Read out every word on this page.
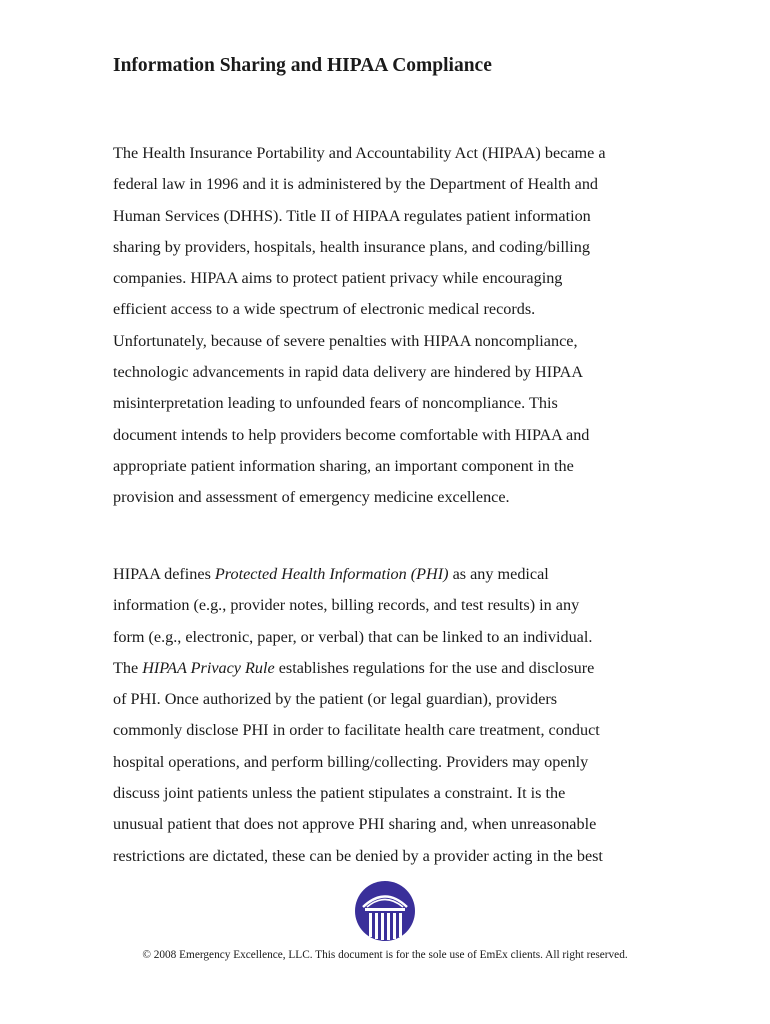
Information Sharing and HIPAA Compliance
The Health Insurance Portability and Accountability Act (HIPAA) became a
federal law in 1996 and it is administered by the Department of Health and
Human Services (DHHS). Title II of HIPAA regulates patient information
sharing by providers, hospitals, health insurance plans, and coding/billing
companies. HIPAA aims to protect patient privacy while encouraging
efficient access to a wide spectrum of electronic medical records.
Unfortunately, because of severe penalties with HIPAA noncompliance,
technologic advancements in rapid data delivery are hindered by HIPAA
misinterpretation leading to unfounded fears of noncompliance. This
document intends to help providers become comfortable with HIPAA and
appropriate patient information sharing, an important component in the
provision and assessment of emergency medicine excellence.
HIPAA defines Protected Health Information (PHI) as any medical
information (e.g., provider notes, billing records, and test results) in any
form (e.g., electronic, paper, or verbal) that can be linked to an individual.
The HIPAA Privacy Rule establishes regulations for the use and disclosure
of PHI. Once authorized by the patient (or legal guardian), providers
commonly disclose PHI in order to facilitate health care treatment, conduct
hospital operations, and perform billing/collecting. Providers may openly
discuss joint patients unless the patient stipulates a constraint. It is the
unusual patient that does not approve PHI sharing and, when unreasonable
restrictions are dictated, these can be denied by a provider acting in the best
© 2008 Emergency Excellence, LLC. This document is for the sole use of EmEx clients. All right reserved.
